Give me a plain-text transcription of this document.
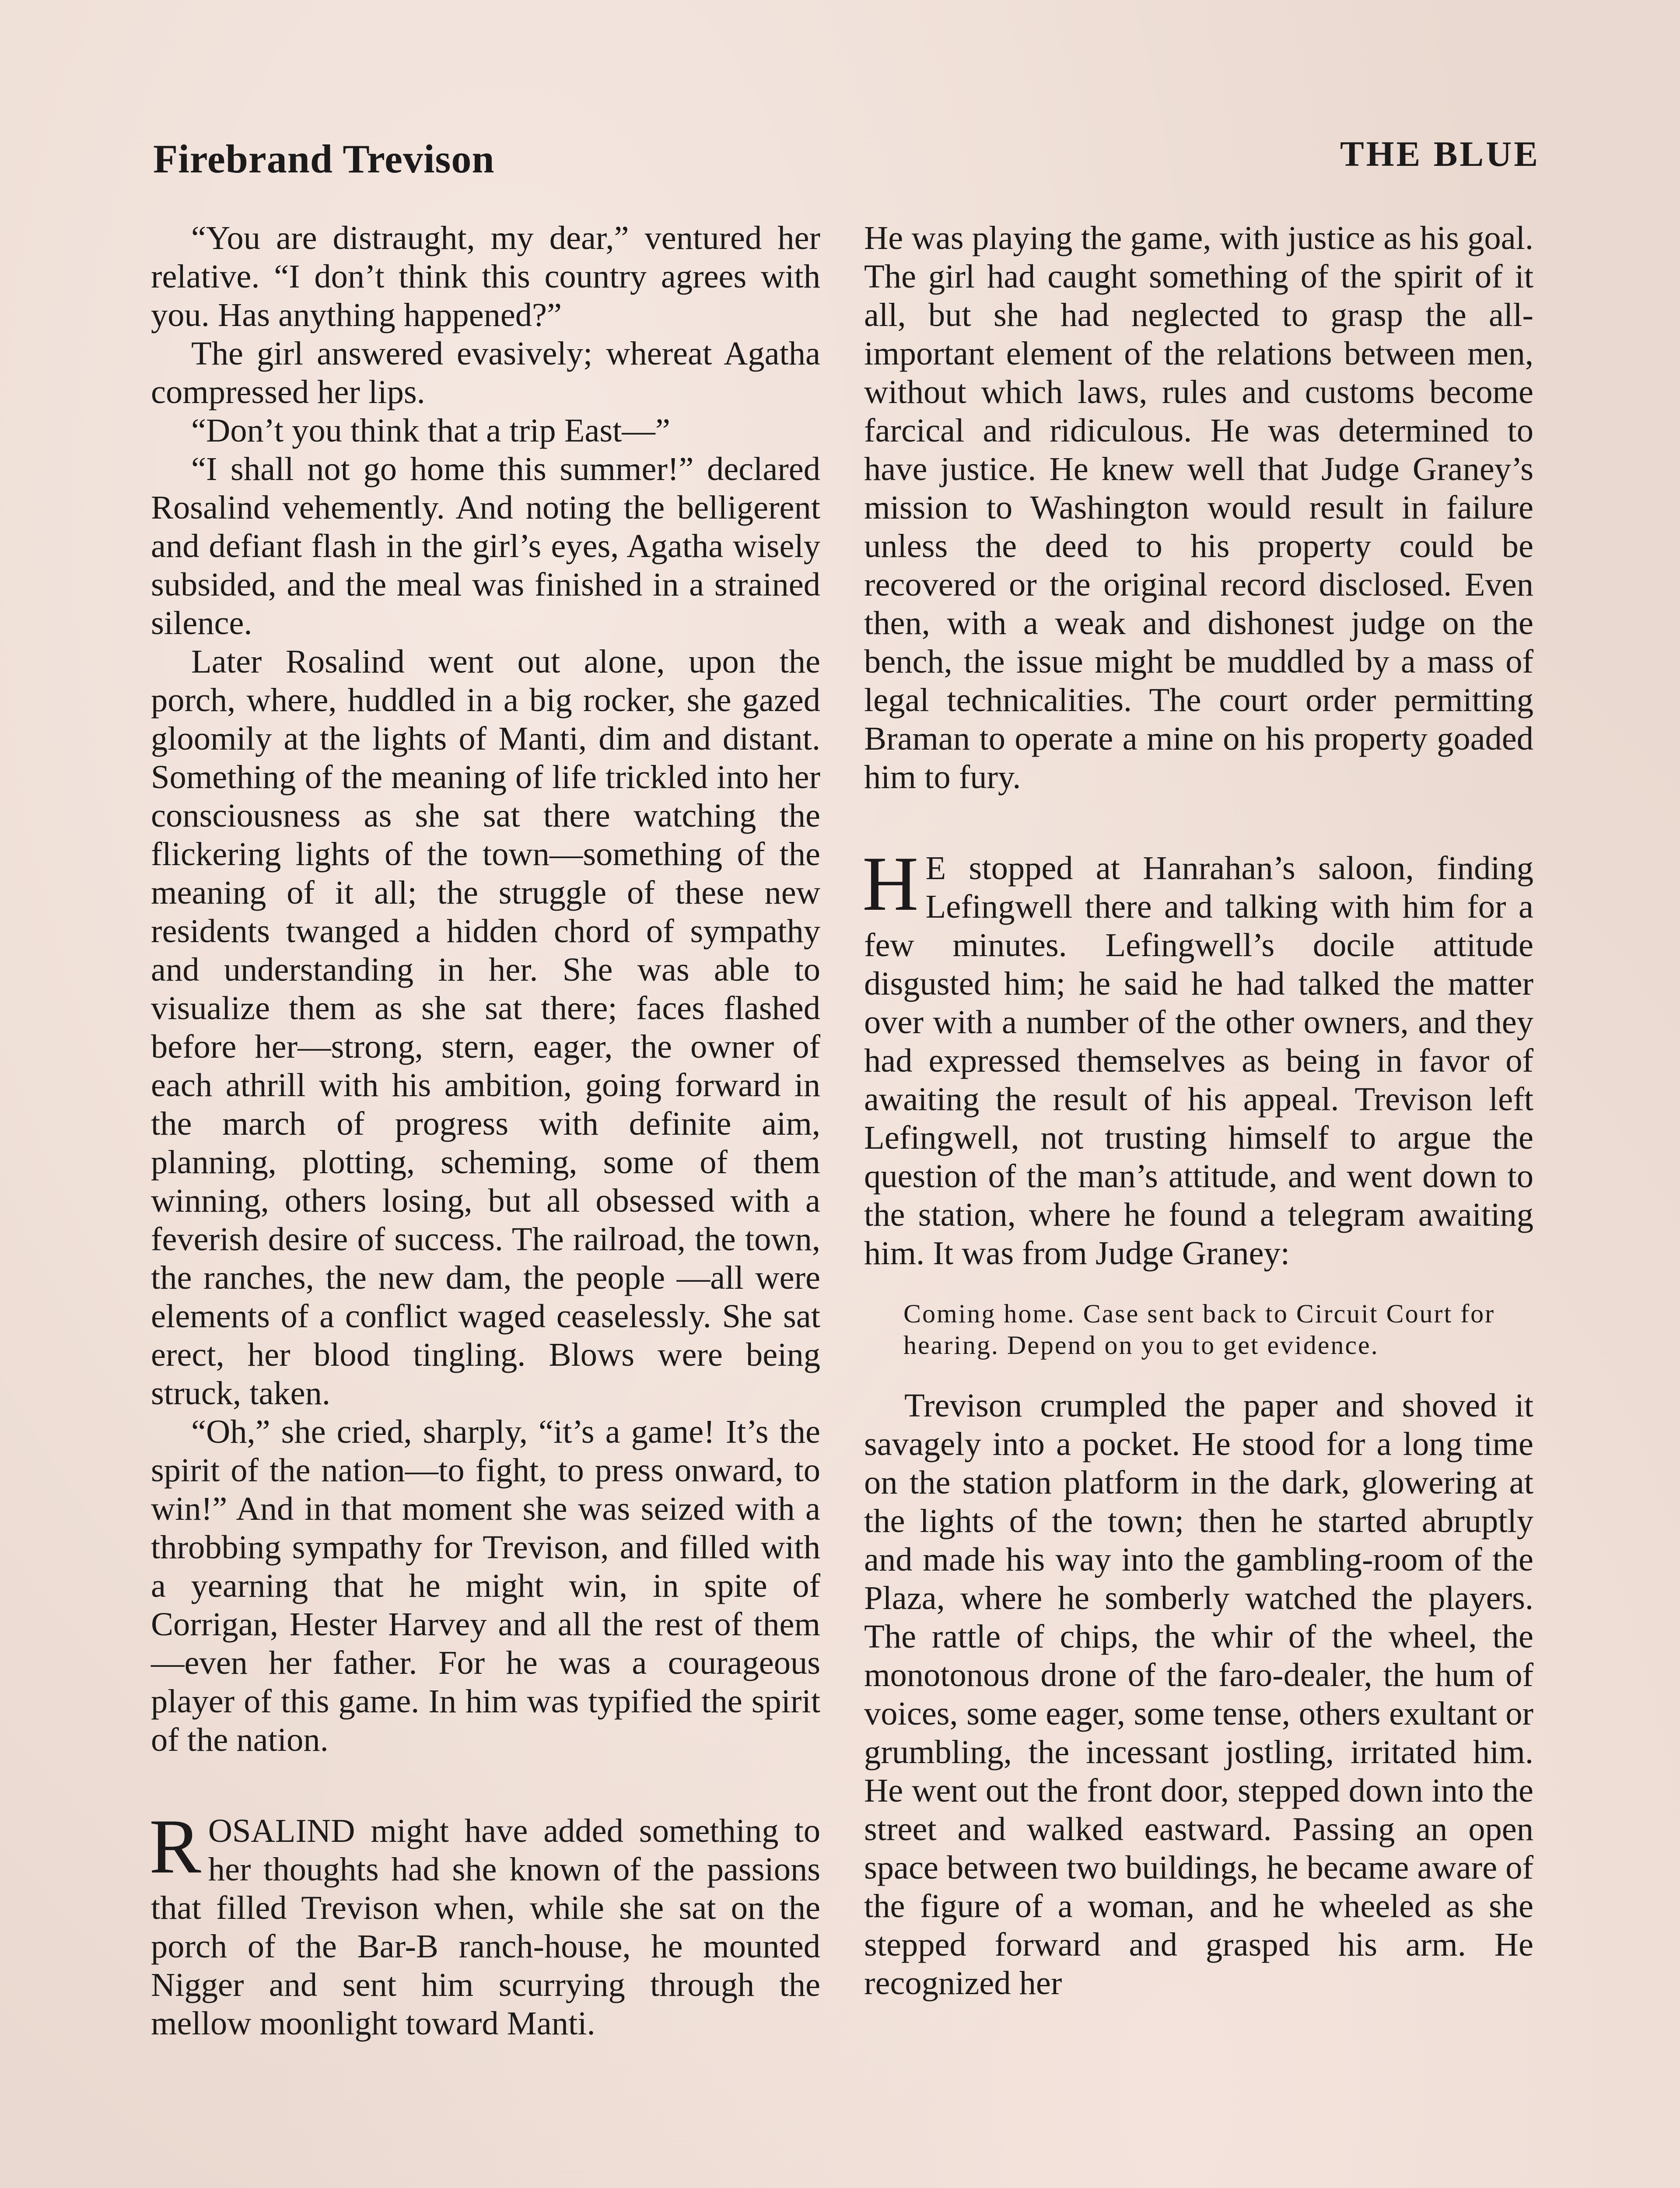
Firebrand Trevison	THE BLUE

“You are distraught, my dear,” ventured her relative. “I don’t think this country agrees with you. Has anything happened?”

The girl answered evasively; whereat Agatha compressed her lips.

“Don’t you think that a trip East—”

“I shall not go home this summer!” declared Rosalind vehemently. And noting the belligerent and defiant flash in the girl’s eyes, Agatha wisely subsided, and the meal was finished in a strained silence.

Later Rosalind went out alone, upon the porch, where, huddled in a big rocker, she gazed gloomily at the lights of Manti, dim and distant. Something of the meaning of life trickled into her consciousness as she sat there watching the flickering lights of the town—something of the meaning of it all; the struggle of these new residents twanged a hidden chord of sympathy and understanding in her. She was able to visualize them as she sat there; faces flashed before her—strong, stern, eager, the owner of each athrill with his ambition, going forward in the march of progress with definite aim, planning, plotting, scheming, some of them winning, others losing, but all obsessed with a feverish desire of success. The railroad, the town, the ranches, the new dam, the people —all were elements of a conflict waged ceaselessly. She sat erect, her blood tingling. Blows were being struck, taken.

“Oh,” she cried, sharply, “it’s a game! It’s the spirit of the nation—to fight, to press onward, to win!” And in that moment she was seized with a throbbing sympathy for Trevison, and filled with a yearning that he might win, in spite of Corrigan, Hester Harvey and all the rest of them—even her father. For he was a courageous player of this game. In him was typified the spirit of the nation.

ROSALIND might have added something to her thoughts had she known of the passions that filled Trevison when, while she sat on the porch of the Bar-B ranch-house, he mounted Nigger and sent him scurrying through the mellow moonlight toward Manti.

He was playing the game, with justice as his goal. The girl had caught something of the spirit of it all, but she had neglected to grasp the all-important element of the relations between men, without which laws, rules and customs become farcical and ridiculous. He was determined to have justice. He knew well that Judge Graney’s mission to Washington would result in failure unless the deed to his property could be recovered or the original record disclosed. Even then, with a weak and dishonest judge on the bench, the issue might be muddled by a mass of legal technicalities. The court order permitting Braman to operate a mine on his property goaded him to fury.

H E stopped at Hanrahan’s saloon, finding Lefingwell there and talking with him for a few minutes. Lefingwell’s docile attitude disgusted him; he said he had talked the matter over with a number of the other owners, and they had expressed themselves as being in favor of awaiting the result of his appeal. Trevison left Lefingwell, not trusting himself to argue the question of the man’s attitude, and went down to the station, where he found a telegram awaiting him. It was from Judge Graney:

Coming home. Case sent back to Circuit Court for hearing. Depend on you to get evidence.

Trevison crumpled the paper and shoved it savagely into a pocket. He stood for a long time on the station platform in the dark, glowering at the lights of the town; then he started abruptly and made his way into the gambling-room of the Plaza, where he somberly watched the players. The rattle of chips, the whir of the wheel, the monotonous drone of the faro-dealer, the hum of voices, some eager, some tense, others exultant or grumbling, the incessant jostling, irritated him. He went out the front door, stepped down into the street and walked eastward. Passing an open space between two buildings, he became aware of the figure of a woman, and he wheeled as she stepped forward and grasped his arm. He recognized her
